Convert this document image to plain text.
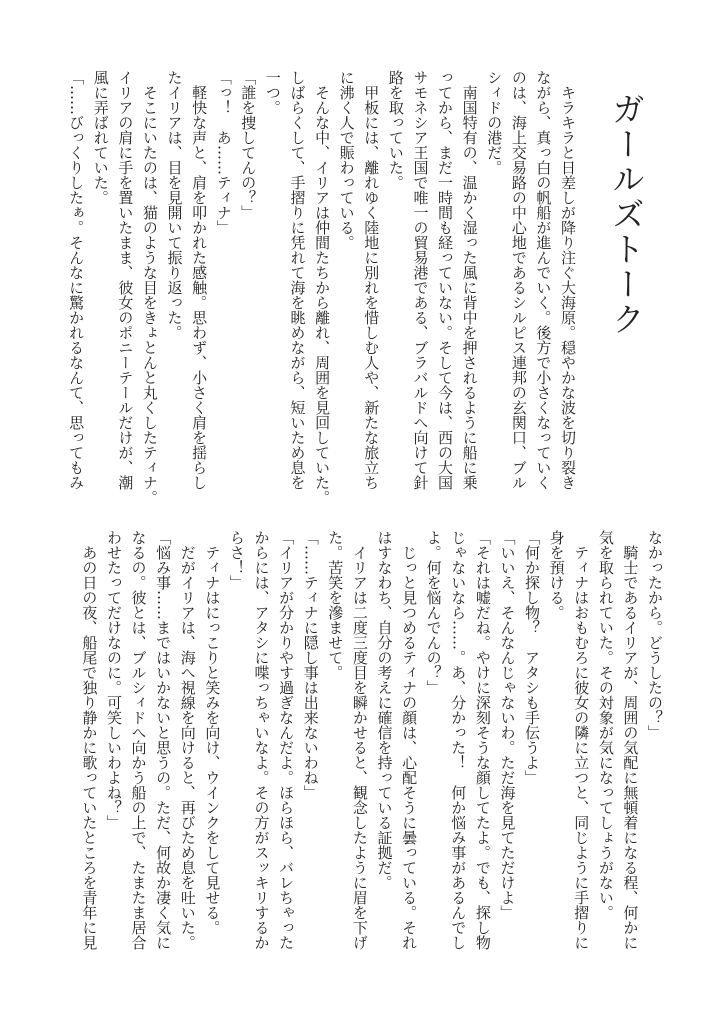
ガールズトーク
　キラキラと日差しが降り注ぐ大海原。穏やかな波を切り裂き
ながら、真っ白の帆船が進んでいく。後方で小さくなっていく
のは、海上交易路の中心地であるシルピス連邦の玄関口、ブル
シィドの港だ。
　南国特有の、温かく湿った風に背中を押されるように船に乗
ってから、まだ一時間も経っていない。そして今は、西の大国
サモネシア王国で唯一の貿易港である、ブラバルドへ向けて針
路を取っていた。
　甲板には、離れゆく陸地に別れを惜しむ人や、新たな旅立ち
に沸く人で賑わっている。
　そんな中、イリアは仲間たちから離れ、周囲を見回していた。
しばらくして、手摺りに凭れて海を眺めながら、短いため息を
一つ。
「誰を捜してんの？」
「っ！　あ……ティナ」
　軽快な声と、肩を叩かれた感触。思わず、小さく肩を揺らし
たイリアは、目を見開いて振り返った。
　そこにいたのは、猫のような目をきょとんと丸くしたティナ。
イリアの肩に手を置いたまま、彼女のポニーテールだけが、潮
風に弄ばれていた。
「……びっくりしたぁ。そんなに驚かれるなんて、思ってもみ
なかったから。どうしたの？」
　騎士であるイリアが、周囲の気配に無頓着になる程、何かに
気を取られていた。その対象が気になってしょうがない。
　ティナはおもむろに彼女の隣に立つと、同じように手摺りに
身を預ける。
「何か探し物？　アタシも手伝うよ」
「いいえ、そんなんじゃないわ。ただ海を見てただけよ」
「それは嘘だね。やけに深刻そうな顔してたよ。でも、探し物
じゃないなら……。あ、分かった！　何か悩み事があるんでし
よ。何を悩んでんの？」
　じっと見つめるティナの顔は、心配そうに曇っている。それ
はすなわち、自分の考えに確信を持っている証拠だ。
　イリアは二度三度目を瞬かせると、観念したように眉を下げ
た。苦笑を滲ませて。
「……ティナに隠し事は出来ないわね」
「イリアが分かりやす過ぎなんだよ。ほらほら、バレちゃった
からには、アタシに喋っちゃいなよ。その方がスッキリするか
らさ！」
　ティナはにっこりと笑みを向け、ウインクをして見せる。
　だがイリアは、海へ視線を向けると、再びため息を吐いた。
「悩み事……まではいかないと思うの。ただ、何故か凄く気に
なるの。彼とは、ブルシィドへ向かう船の上で、たまたま居合
わせたってだけなのに。可笑しいわよね？」
　あの日の夜、船尾で独り静かに歌っていたところを青年に見
